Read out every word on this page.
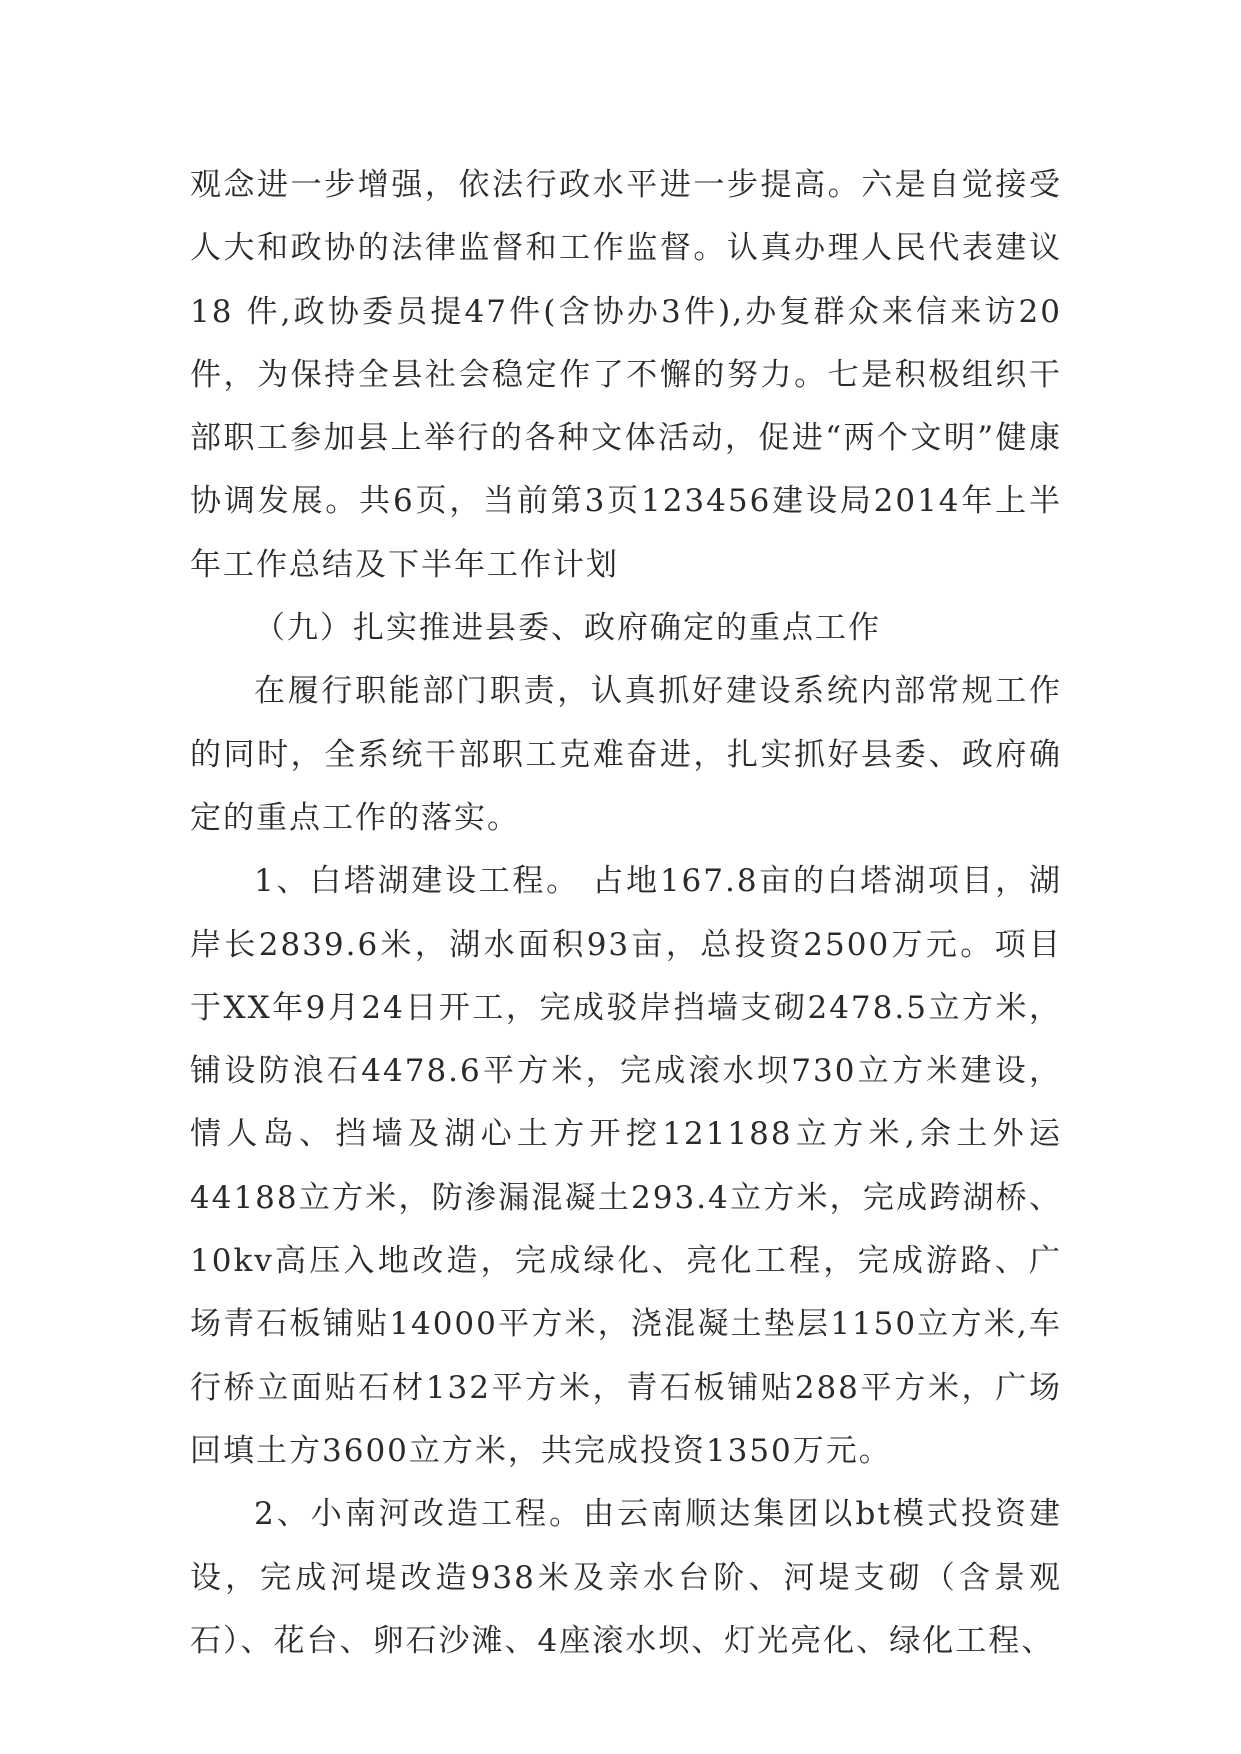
观念进一步增强，依法行政水平进一步提高。六是自觉接受人大和政协的法律监督和工作监督。认真办理人民代表建议18 件,政协委员提47件(含协办3件),办复群众来信来访20件，为保持全县社会稳定作了不懈的努力。七是积极组织干部职工参加县上举行的各种文体活动，促进“两个文明”健康协调发展。共6页，当前第3页123456建设局2014年上半年工作总结及下半年工作计划

（九）扎实推进县委、政府确定的重点工作

在履行职能部门职责，认真抓好建设系统内部常规工作的同时，全系统干部职工克难奋进，扎实抓好县委、政府确定的重点工作的落实。

1、白塔湖建设工程。 占地167.8亩的白塔湖项目，湖岸长2839.6米，湖水面积93亩，总投资2500万元。项目于XX年9月24日开工，完成驳岸挡墙支砌2478.5立方米，铺设防浪石4478.6平方米，完成滚水坝730立方米建设，情人岛、挡墙及湖心土方开挖121188立方米,余土外运44188立方米，防渗漏混凝土293.4立方米，完成跨湖桥、10kv高压入地改造，完成绿化、亮化工程，完成游路、广场青石板铺贴14000平方米，浇混凝土垫层1150立方米,车行桥立面贴石材132平方米，青石板铺贴288平方米，广场回填土方3600立方米，共完成投资1350万元。

2、小南河改造工程。由云南顺达集团以bt模式投资建设，完成河堤改造938米及亲水台阶、河堤支砌（含景观石）、花台、卵石沙滩、4座滚水坝、灯光亮化、绿化工程、
